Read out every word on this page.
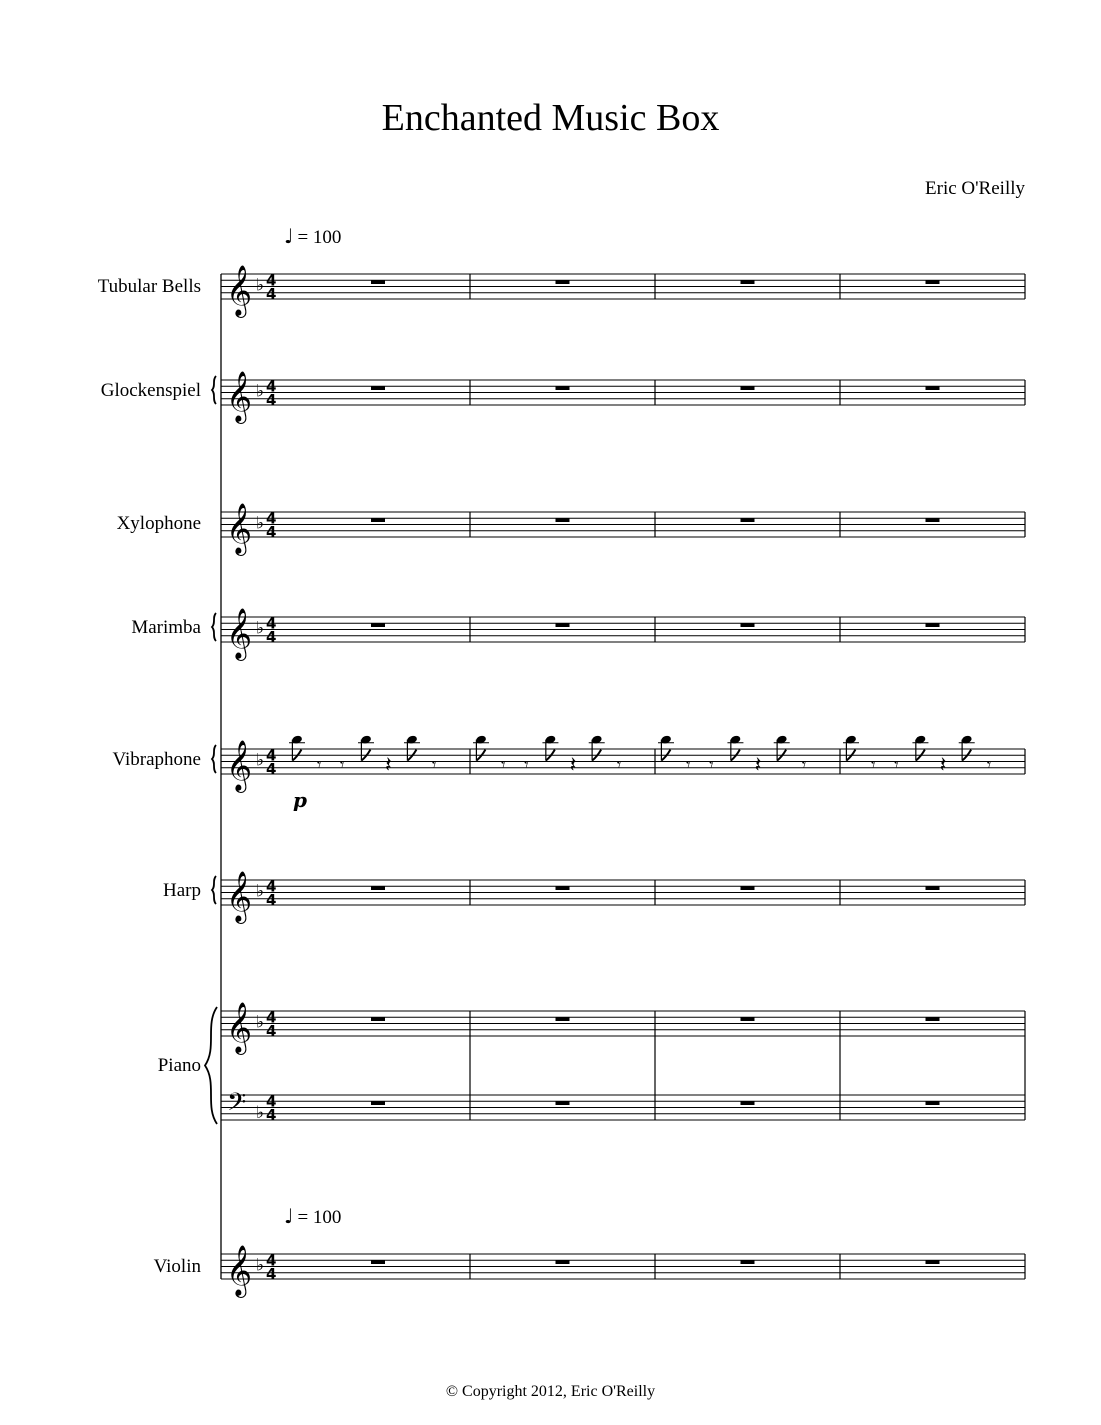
Enchanted Music Box
Eric O'Reilly
♩ = 100
♩ = 100
Tubular Bells
Glockenspiel
Xylophone
Marimba
Vibraphone
Harp
Piano
Violin
p
𝄞 ♭ 4
4
𝄞 ♭ 4
4
𝄞 ♭ 4
4
𝄞 ♭ 4
4
𝄞 ♭ 4
4	𝄾 𝄾 𝄽	𝄾	𝄾 𝄾 𝄽	𝄾	𝄾 𝄾 𝄽	𝄾	𝄾 𝄾 𝄽	𝄾
𝄞 ♭ 4
4
𝄞 ♭ 4
4
𝄢 ♭
4
4
𝄞 ♭ 4
4
© Copyright 2012, Eric O'Reilly
